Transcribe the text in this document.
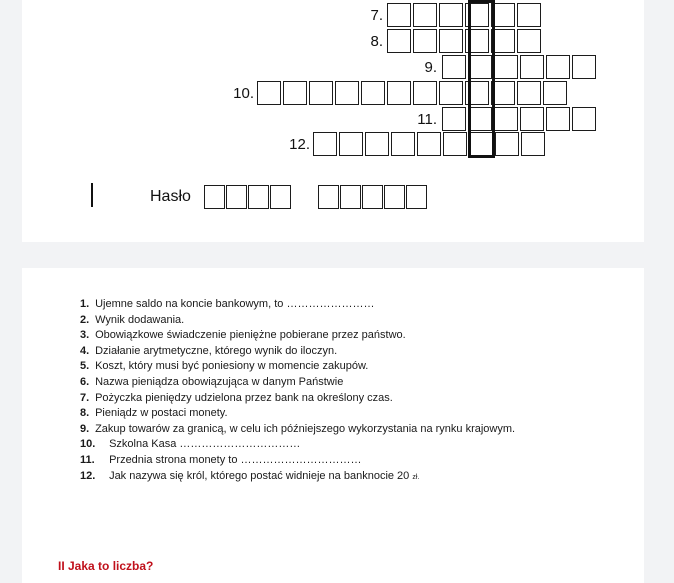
7.
8.
9.
10.
11.
12.
Hasło
1. Ujemne saldo na koncie bankowym, to ……………………
2. Wynik dodawania.
3. Obowiązkowe świadczenie pieniężne pobierane przez państwo.
4. Działanie arytmetyczne, którego wynik do iloczyn.
5. Koszt, który musi być poniesiony w momencie zakupów.
6. Nazwa pieniądza obowiązująca w danym Państwie
7. Pożyczka pieniędzy udzielona przez bank na określony czas.
8. Pieniądz w postaci monety.
9. Zakup towarów za granicą, w celu ich późniejszego wykorzystania na rynku krajowym.
10. Szkolna Kasa ……………………………
11. Przednia strona monety to ……………………………
12. Jak nazywa się król, którego postać widnieje na banknocie 20 zł.
II Jaka to liczba?
